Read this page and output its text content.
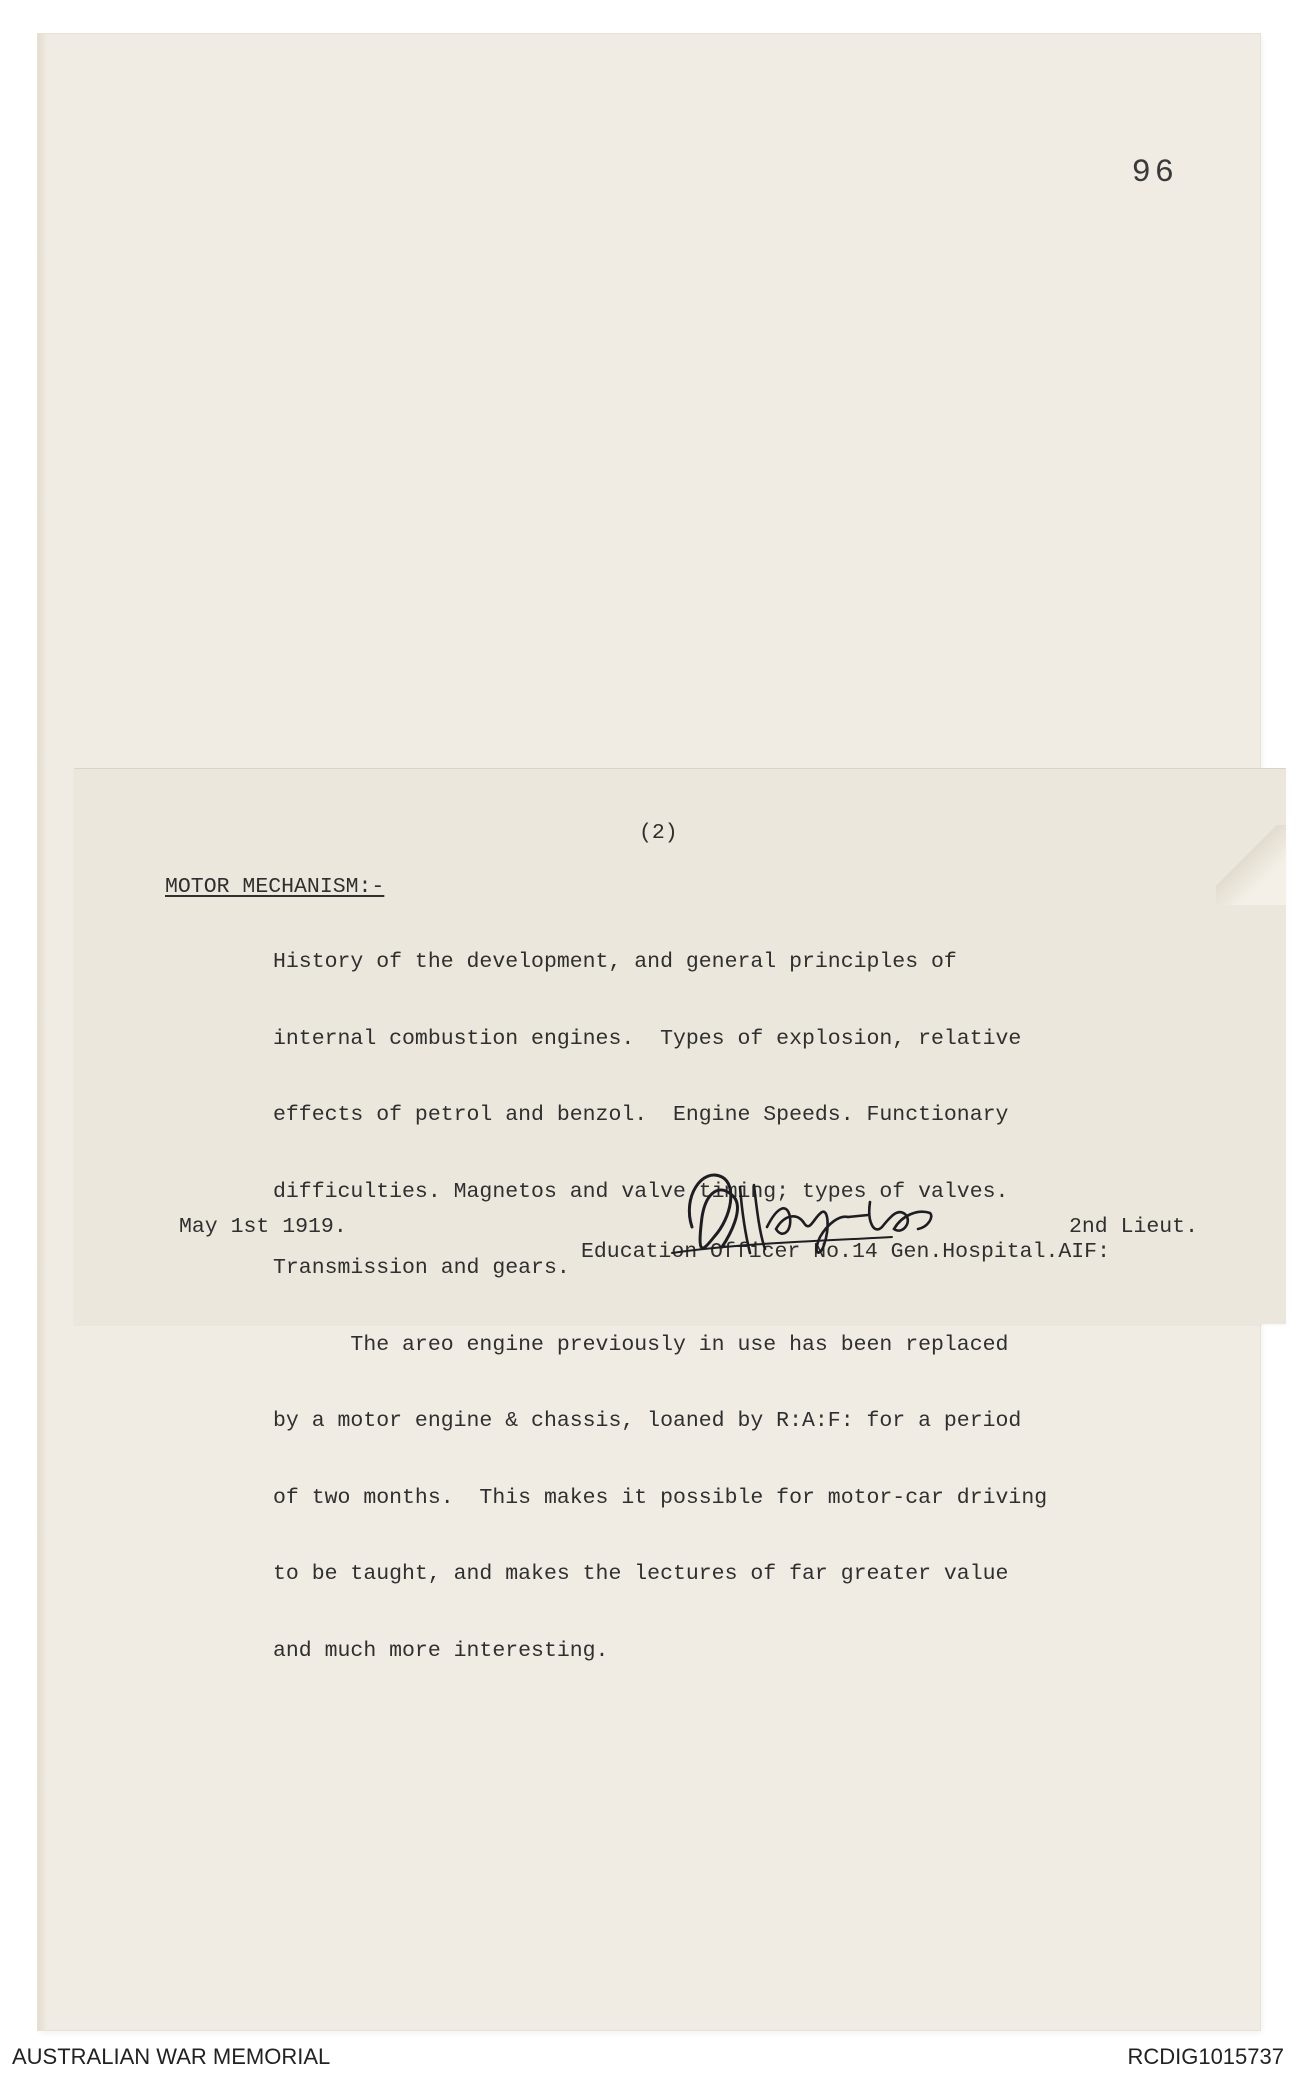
96
(2)
MOTOR MECHANISM:-

History of the development, and general principles of

internal combustion engines.  Types of explosion, relative

effects of petrol and benzol.  Engine Speeds. Functionary

difficulties. Magnetos and valve timing; types of valves.

Transmission and gears.

The areo engine previously in use has been replaced

by a motor engine & chassis, loaned by R:A:F: for a period

of two months.  This makes it possible for motor-car driving

to be taught, and makes the lectures of far greater value

and much more interesting.

May 1st 1919.	2nd Lieut.
Education Officer No.14 Gen.Hospital.AIF:
AUSTRALIAN WAR MEMORIAL	RCDIG1015737
